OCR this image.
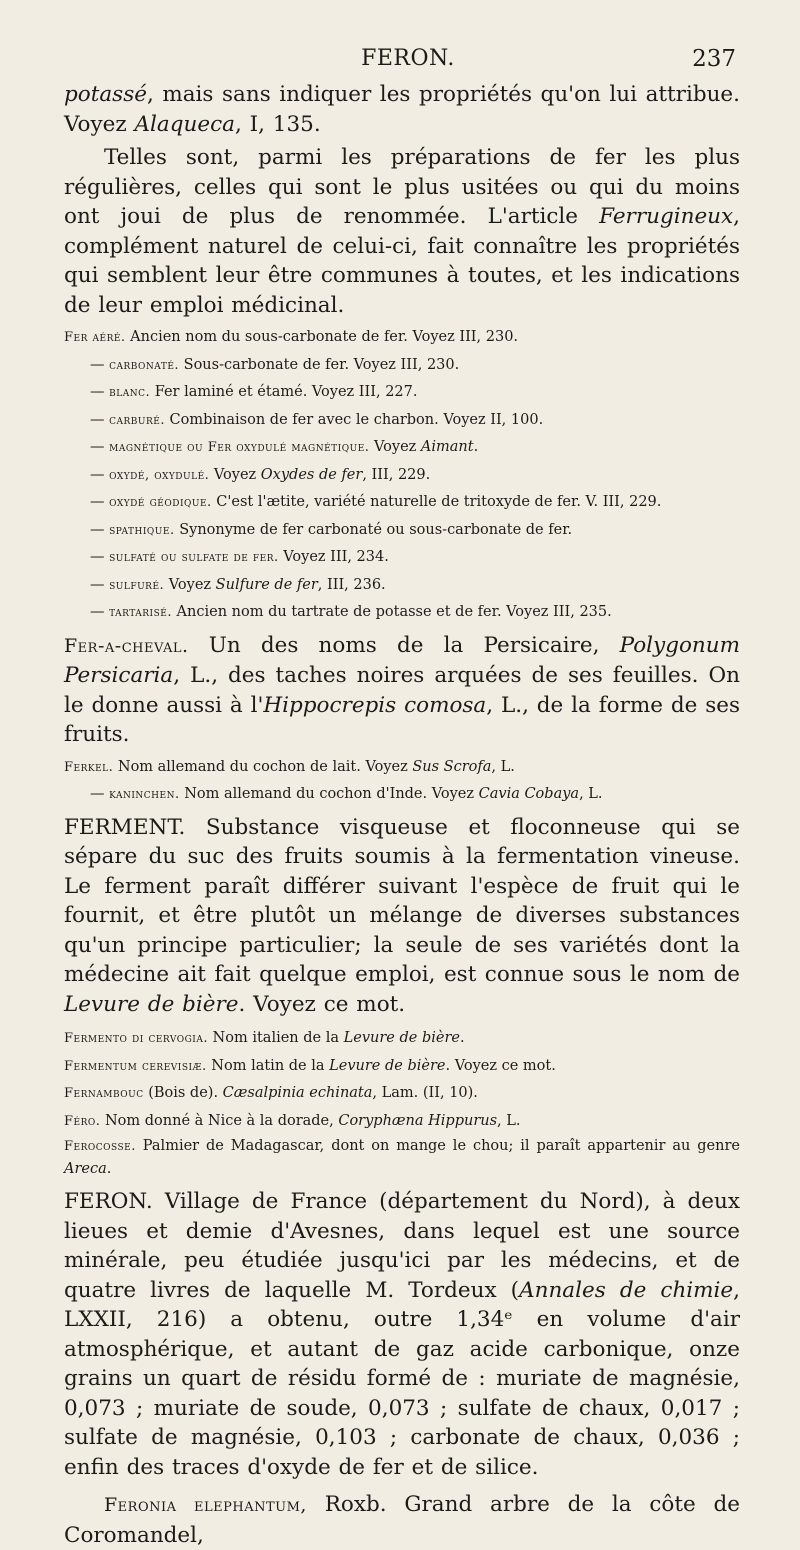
FERON.	237

potassé, mais sans indiquer les propriétés qu'on lui attribue. Voyez Alaqueca, I, 135.

Telles sont, parmi les préparations de fer les plus régulières, celles qui sont le plus usitées ou qui du moins ont joui de plus de renommée. L'article Ferrugineux, complément naturel de celui-ci, fait connaître les propriétés qui semblent leur être communes à toutes, et les indications de leur emploi médicinal.

Fer aéré. Ancien nom du sous-carbonate de fer. Voyez III, 230.

— carbonaté. Sous-carbonate de fer. Voyez III, 230.

— blanc. Fer laminé et étamé. Voyez III, 227.

— carburé. Combinaison de fer avec le charbon. Voyez II, 100.

— magnétique ou Fer oxydulé magnétique. Voyez Aimant.

— oxydé, oxydulé. Voyez Oxydes de fer, III, 229.

— oxydé géodique. C'est l'ætite, variété naturelle de tritoxyde de fer. V. III, 229.

— spathique. Synonyme de fer carbonaté ou sous-carbonate de fer.

— sulfaté ou sulfate de fer. Voyez III, 234.

— sulfuré. Voyez Sulfure de fer, III, 236.

— tartarisé. Ancien nom du tartrate de potasse et de fer. Voyez III, 235.

Fer-a-cheval. Un des noms de la Persicaire, Polygonum Persicaria, L., des taches noires arquées de ses feuilles. On le donne aussi à l'Hippocrepis comosa, L., de la forme de ses fruits.

Ferkel. Nom allemand du cochon de lait. Voyez Sus Scrofa, L.

— kaninchen. Nom allemand du cochon d'Inde. Voyez Cavia Cobaya, L.

FERMENT. Substance visqueuse et floconneuse qui se sépare du suc des fruits soumis à la fermentation vineuse. Le ferment paraît différer suivant l'espèce de fruit qui le fournit, et être plutôt un mélange de diverses substances qu'un principe particulier; la seule de ses variétés dont la médecine ait fait quelque emploi, est connue sous le nom de Levure de bière. Voyez ce mot.

Fermento di cervogia. Nom italien de la Levure de bière.

Fermentum cerevisiæ. Nom latin de la Levure de bière. Voyez ce mot.

Fernambouc (Bois de). Cæsalpinia echinata, Lam. (II, 10).

Féro. Nom donné à Nice à la dorade, Coryphæna Hippurus, L.

Ferocosse. Palmier de Madagascar, dont on mange le chou; il paraît appartenir au genre Areca.

FERON. Village de France (département du Nord), à deux lieues et demie d'Avesnes, dans lequel est une source minérale, peu étudiée jusqu'ici par les médecins, et de quatre livres de laquelle M. Tordeux (Annales de chimie, LXXII, 216) a obtenu, outre 1,34ᵉ en volume d'air atmosphérique, et autant de gaz acide carbonique, onze grains un quart de résidu formé de : muriate de magnésie, 0,073 ; muriate de soude, 0,073 ; sulfate de chaux, 0,017 ; sulfate de magnésie, 0,103 ; carbonate de chaux, 0,036 ; enfin des traces d'oxyde de fer et de silice.

Feronia elephantum, Roxb. Grand arbre de la côte de Coromandel,
